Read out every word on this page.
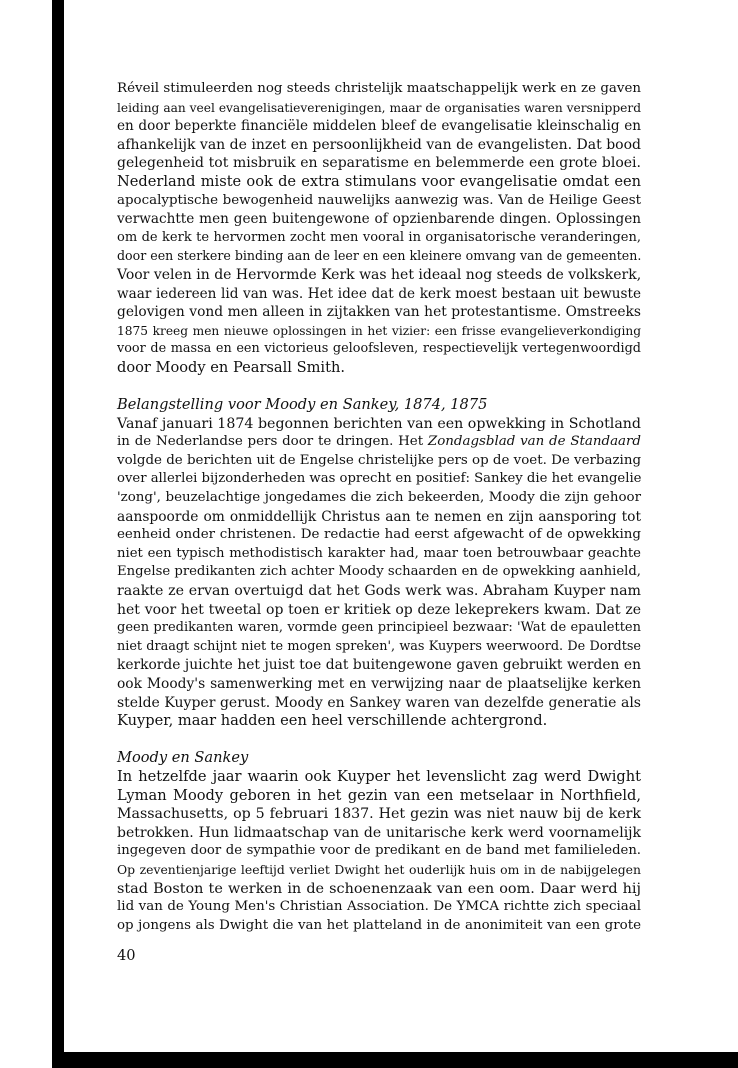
Réveil stimuleerden nog steeds christelijk maatschappelijk werk en ze gaven
leiding aan veel evangelisatieverenigingen, maar de organisaties waren versnipperd
en door beperkte financiële middelen bleef de evangelisatie kleinschalig en
afhankelijk van de inzet en persoonlijkheid van de evangelisten. Dat bood
gelegenheid tot misbruik en separatisme en belemmerde een grote bloei.
Nederland miste ook de extra stimulans voor evangelisatie omdat een
apocalyptische bewogenheid nauwelijks aanwezig was. Van de Heilige Geest
verwachtte men geen buitengewone of opzienbarende dingen. Oplossingen
om de kerk te hervormen zocht men vooral in organisatorische veranderingen,
door een sterkere binding aan de leer en een kleinere omvang van de gemeenten.
Voor velen in de Hervormde Kerk was het ideaal nog steeds de volkskerk,
waar iedereen lid van was. Het idee dat de kerk moest bestaan uit bewuste
gelovigen vond men alleen in zijtakken van het protestantisme. Omstreeks
1875 kreeg men nieuwe oplossingen in het vizier: een frisse evangelieverkondiging
voor de massa en een victorieus geloofsleven, respectievelijk vertegenwoordigd
door Moody en Pearsall Smith.
Belangstelling voor Moody en Sankey, 1874, 1875
Vanaf januari 1874 begonnen berichten van een opwekking in Schotland
in de Nederlandse pers door te dringen. Het Zondagsblad van de Standaard
volgde de berichten uit de Engelse christelijke pers op de voet. De verbazing
over allerlei bijzonderheden was oprecht en positief: Sankey die het evangelie
'zong', beuzelachtige jongedames die zich bekeerden, Moody die zijn gehoor
aanspoorde om onmiddellijk Christus aan te nemen en zijn aansporing tot
eenheid onder christenen. De redactie had eerst afgewacht of de opwekking
niet een typisch methodistisch karakter had, maar toen betrouwbaar geachte
Engelse predikanten zich achter Moody schaarden en de opwekking aanhield,
raakte ze ervan overtuigd dat het Gods werk was. Abraham Kuyper nam
het voor het tweetal op toen er kritiek op deze lekeprekers kwam. Dat ze
geen predikanten waren, vormde geen principieel bezwaar: 'Wat de epauletten
niet draagt schijnt niet te mogen spreken', was Kuypers weerwoord. De Dordtse
kerkorde juichte het juist toe dat buitengewone gaven gebruikt werden en
ook Moody's samenwerking met en verwijzing naar de plaatselijke kerken
stelde Kuyper gerust. Moody en Sankey waren van dezelfde generatie als
Kuyper, maar hadden een heel verschillende achtergrond.
Moody en Sankey
In hetzelfde jaar waarin ook Kuyper het levenslicht zag werd Dwight
Lyman Moody geboren in het gezin van een metselaar in Northfield,
Massachusetts, op 5 februari 1837. Het gezin was niet nauw bij de kerk
betrokken. Hun lidmaatschap van de unitarische kerk werd voornamelijk
ingegeven door de sympathie voor de predikant en de band met familieleden.
Op zeventienjarige leeftijd verliet Dwight het ouderlijk huis om in de nabijgelegen
stad Boston te werken in de schoenenzaak van een oom. Daar werd hij
lid van de Young Men's Christian Association. De YMCA richtte zich speciaal
op jongens als Dwight die van het platteland in de anonimiteit van een grote
40
